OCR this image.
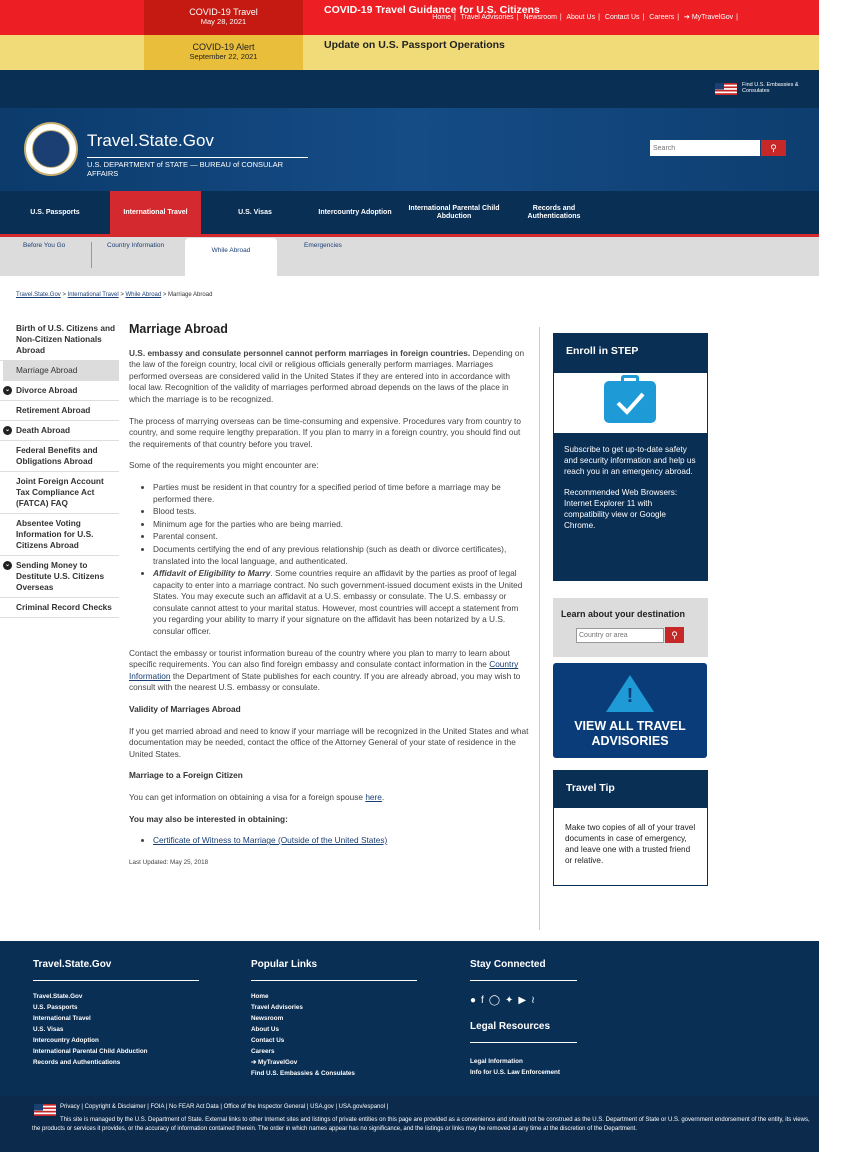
COVID-19 Travel
May 28, 2021
COVID-19 Travel Guidance for U.S. Citizens
COVID-19 Alert
September 22, 2021
Update on U.S. Passport Operations
Home | Travel Advisories | Newsroom | About Us | Contact Us | Careers | ➔ MyTravelGov |
Find U.S. Embassies & Consulates
Travel.State.Gov
U.S. DEPARTMENT of STATE — BUREAU of CONSULAR AFFAIRS
Search
⚲
U.S. Passports	International Travel	U.S. Visas	Intercountry Adoption
International Parental Child Abduction
Records and Authentications
Before You Go	Country Information	Emergencies
While Abroad
Travel.State.Gov > International Travel > While Abroad > Marriage Abroad
Birth of U.S. Citizens and Non-Citizen Nationals Abroad
Marriage Abroad
⌄ Divorce Abroad
Retirement Abroad
⌄ Death Abroad
Federal Benefits and Obligations Abroad
Joint Foreign Account Tax Compliance Act (FATCA) FAQ
Absentee Voting Information for U.S. Citizens Abroad
⌄ Sending Money to Destitute U.S. Citizens Overseas
Criminal Record Checks
Marriage Abroad

U.S. embassy and consulate personnel cannot perform marriages in foreign countries. Depending on the law of the foreign country, local civil or religious officials generally perform marriages. Marriages performed overseas are considered valid in the United States if they are entered into in accordance with local law. Recognition of the validity of marriages performed abroad depends on the laws of the place in which the marriage is to be recognized.

The process of marrying overseas can be time-consuming and expensive. Procedures vary from country to country, and some require lengthy preparation. If you plan to marry in a foreign country, you should find out the requirements of that country before you travel.

Some of the requirements you might encounter are:

• Parties must be resident in that country for a specified period of time before a marriage may be performed there.
• Blood tests.
• Minimum age for the parties who are being married.
• Parental consent.
• Documents certifying the end of any previous relationship (such as death or divorce certificates), translated into the local language, and authenticated.
• Affidavit of Eligibility to Marry. Some countries require an affidavit by the parties as proof of legal capacity to enter into a marriage contract. No such government-issued document exists in the United States. You may execute such an affidavit at a U.S. embassy or consulate. The U.S. embassy or consulate cannot attest to your marital status. However, most countries will accept a statement from you regarding your ability to marry if your signature on the affidavit has been notarized by a U.S. consular officer.

Contact the embassy or tourist information bureau of the country where you plan to marry to learn about specific requirements. You can also find foreign embassy and consulate contact information in the Country Information the Department of State publishes for each country. If you are already abroad, you may wish to consult with the nearest U.S. embassy or consulate.

Validity of Marriages Abroad

If you get married abroad and need to know if your marriage will be recognized in the United States and what documentation may be needed, contact the office of the Attorney General of your state of residence in the United States.

Marriage to a Foreign Citizen

You can get information on obtaining a visa for a foreign spouse here.

You may also be interested in obtaining:
• Certificate of Witness to Marriage (Outside of the United States)
Last Updated: May 25, 2018
Enroll in STEP

Subscribe to get up-to-date safety and security information and help us reach you in an emergency abroad.

Recommended Web Browsers: Internet Explorer 11 with compatibility view or Google Chrome.

Learn about your destination
Country or area
⚲
!
VIEW ALL TRAVEL ADVISORIES
Travel Tip
Make two copies of all of your travel documents in case of emergency, and leave one with a trusted friend or relative.
Travel.State.Gov
Travel.State.Gov
U.S. Passports
International Travel
U.S. Visas
Intercountry Adoption
International Parental Child Abduction
Records and Authentications
Popular Links
Home
Travel Advisories
Newsroom
About Us
Contact Us
Careers
➔ MyTravelGov
Find U.S. Embassies & Consulates
Stay Connected
●f◯✦▶≀
Legal Resources
Legal Information
Info for U.S. Law Enforcement
Privacy | Copyright & Disclaimer | FOIA | No FEAR Act Data | Office of the Inspector General | USA.gov | USA.gov/espanol |
This site is managed by the U.S. Department of State. External links to other Internet sites and listings of private entities on this page are provided as a convenience and should not be construed as the U.S. Department of State or U.S. government endorsement of the entity, its views, the products or services it provides, or the accuracy of information contained therein. The order in which names appear has no significance, and the listings or links may be removed at any time at the discretion of the Department.
